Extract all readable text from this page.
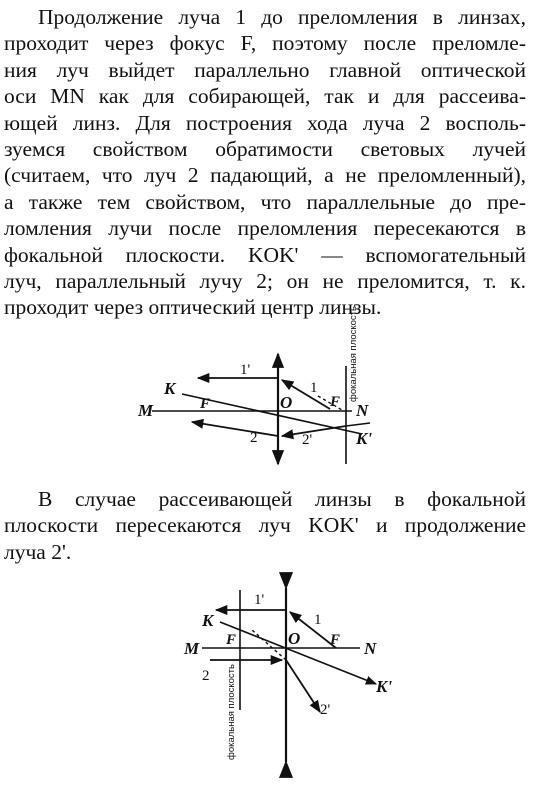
Продолжение луча 1 до преломления в линзах,
проходит через фокус F, поэтому после преломле-
ния луч выйдет параллельно главной оптической
оси MN как для собирающей, так и для рассеива-
ющей линз. Для построения хода луча 2 восполь-
зуемся свойством обратимости световых лучей
(считаем, что луч 2 падающий, а не преломленный),
а также тем свойством, что параллельные до пре-
ломления лучи после преломления пересекаются в
фокальной плоскости. KOK' — вспомогательный
луч, параллельный лучу 2; он не преломится, т. к.
проходит через оптический центр линзы.
M	N
K
K'
F	F
O
1
1'
2	2'
фокальная плоскость
В случае рассеивающей линзы в фокальной
плоскости пересекаются луч KOK' и продолжение
луча 2'.
M	N
K
K'
F	F
O
1
1'
2
2'
фокальная плоскость
